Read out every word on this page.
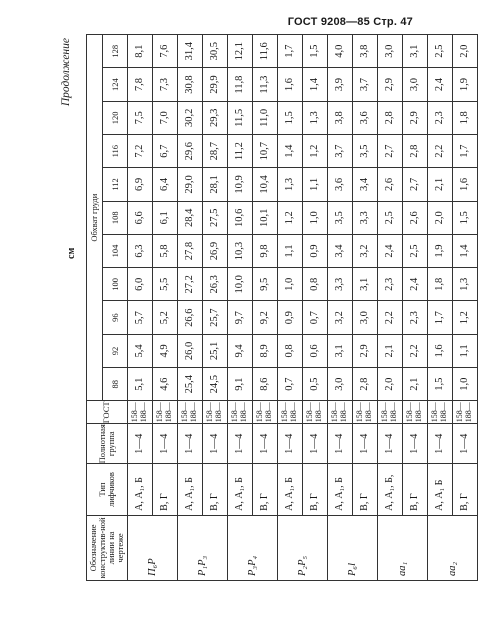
ГОСТ 9208—85 Стр. 47
Продолжение
см
Обозначение конструктив-ной линии на чертеже	Тип лифчиков	Полнотная группа	ГОСТ	Обхват груди										
				88	92	96	100	104	108	112	116	120	124	128
П₆Р	А, А₁, Б	1—4	158—
188—	5,1	5,4	5,7	6,0	6,3	6,6	6,9	7,2	7,5	7,8	8,1
	В, Г	1—4	158—
188—	4,6	4,9	5,2	5,5	5,8	6,1	6,4	6,7	7,0	7,3	7,6
P₁P₃	А, А₁, Б	1—4	158—
188—	25,4	26,0	26,6	27,2	27,8	28,4	29,0	29,6	30,2	30,8	31,4
	В, Г	1—4	158—
188—	24,5	25,1	25,7	26,3	26,9	27,5	28,1	28,7	29,3	29,9	30,5
P₃P₄	А, А₁, Б	1—4	158—
188—	9,1	9,4	9,7	10,0	10,3	10,6	10,9	11,2	11,5	11,8	12,1
	В, Г	1—4	158—
188—	8,6	8,9	9,2	9,5	9,8	10,1	10,4	10,7	11,0	11,3	11,6
P₂P₅	А, А₁, Б	1—4	158—
188—	0,7	0,8	0,9	1,0	1,1	1,2	1,3	1,4	1,5	1,6	1,7
	В, Г	1—4	158—
188—	0,5	0,6	0,7	0,8	0,9	1,0	1,1	1,2	1,3	1,4	1,5
P₆l	А, А₁, Б	1—4	158—
188—	3,0	3,1	3,2	3,3	3,4	3,5	3,6	3,7	3,8	3,9	4,0
	В, Г	1—4	158—
188—	2,8	2,9	3,0	3,1	3,2	3,3	3,4	3,5	3,6	3,7	3,8
aa₁	А, А₁, Б,	1—4	158—
188—	2,0	2,1	2,2	2,3	2,4	2,5	2,6	2,7	2,8	2,9	3,0
	В, Г	1—4	158—
188—	2,1	2,2	2,3	2,4	2,5	2,6	2,7	2,8	2,9	3,0	3,1
aa₂	А, А₁ Б	1—4	158—
188—	1,5	1,6	1,7	1,8	1,9	2,0	2,1	2,2	2,3	2,4	2,5
	В, Г	1—4	158—
188—	1,0	1,1	1,2	1,3	1,4	1,5	1,6	1,7	1,8	1,9	2,0
